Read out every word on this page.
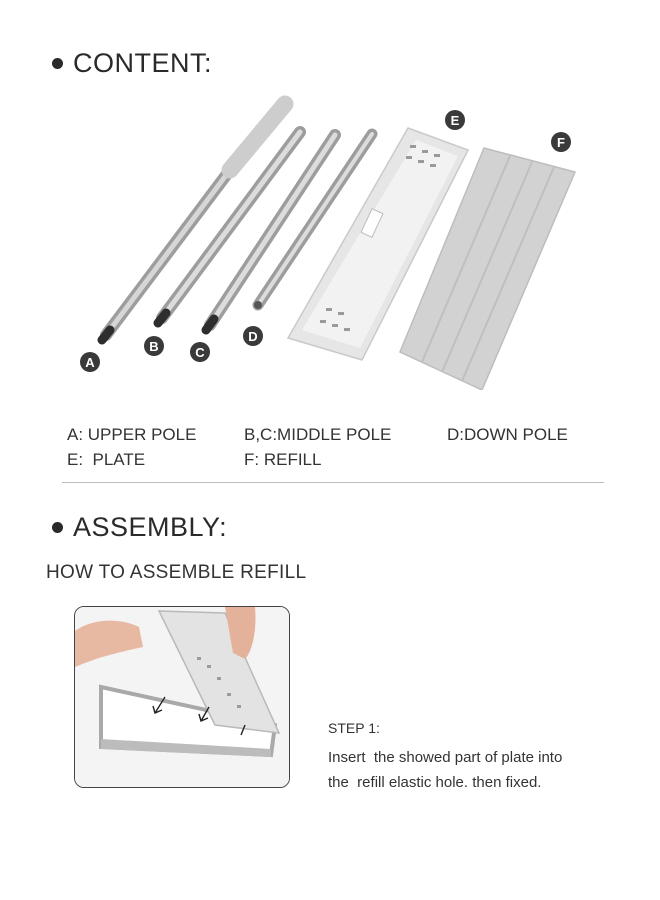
CONTENT:
A
B	C
D
E
F
A: UPPER POLE	B,C:MIDDLE POLE	D:DOWN POLE
E:  PLATE	F: REFILL
ASSEMBLY:
HOW TO ASSEMBLE REFILL
STEP 1:
Insert  the showed part of plate into
the  refill elastic hole. then fixed.
